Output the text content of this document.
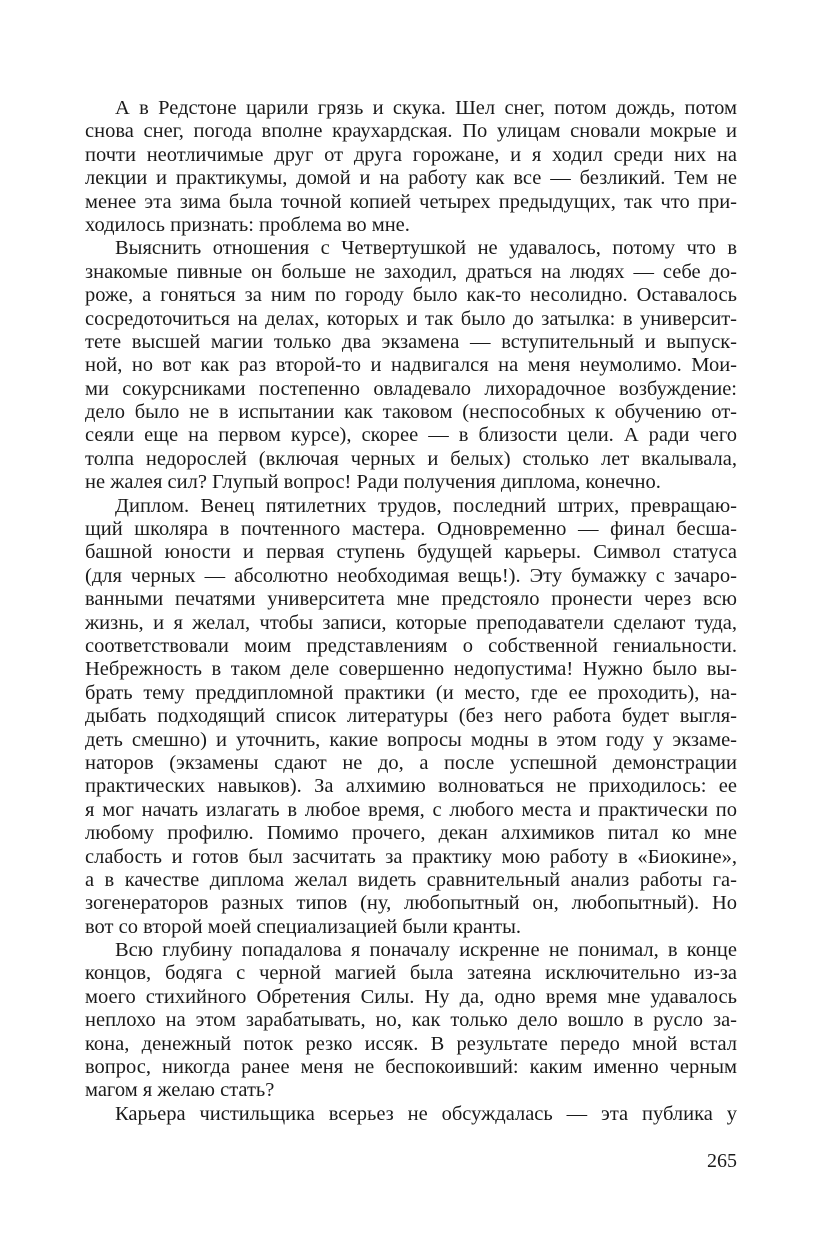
А в Редстоне царили грязь и скука. Шел снег, потом дождь, потом
снова снег, погода вполне краухардская. По улицам сновали мокрые и
почти неотличимые друг от друга горожане, и я ходил среди них на
лекции и практикумы, домой и на работу как все — безликий. Тем не
менее эта зима была точной копией четырех предыдущих, так что при-
ходилось признать: проблема во мне.
Выяснить отношения с Четвертушкой не удавалось, потому что в
знакомые пивные он больше не заходил, драться на людях — себе до-
роже, а гоняться за ним по городу было как-то несолидно. Оставалось
сосредоточиться на делах, которых и так было до затылка: в университ-
тете высшей магии только два экзамена — вступительный и выпуск-
ной, но вот как раз второй-то и надвигался на меня неумолимо. Мои-
ми сокурсниками постепенно овладевало лихорадочное возбуждение:
дело было не в испытании как таковом (неспособных к обучению от-
сеяли еще на первом курсе), скорее — в близости цели. А ради чего
толпа недорослей (включая черных и белых) столько лет вкалывала,
не жалея сил? Глупый вопрос! Ради получения диплома, конечно.
Диплом. Венец пятилетних трудов, последний штрих, превращаю-
щий школяра в почтенного мастера. Одновременно — финал бесша-
башной юности и первая ступень будущей карьеры. Символ статуса
(для черных — абсолютно необходимая вещь!). Эту бумажку с зачаро-
ванными печатями университета мне предстояло пронести через всю
жизнь, и я желал, чтобы записи, которые преподаватели сделают туда,
соответствовали моим представлениям о собственной гениальности.
Небрежность в таком деле совершенно недопустима! Нужно было вы-
брать тему преддипломной практики (и место, где ее проходить), на-
дыбать подходящий список литературы (без него работа будет выгля-
деть смешно) и уточнить, какие вопросы модны в этом году у экзаме-
наторов (экзамены сдают не до, а после успешной демонстрации
практических навыков). За алхимию волноваться не приходилось: ее
я мог начать излагать в любое время, с любого места и практически по
любому профилю. Помимо прочего, декан алхимиков питал ко мне
слабость и готов был засчитать за практику мою работу в «Биокине»,
а в качестве диплома желал видеть сравнительный анализ работы га-
зогенераторов разных типов (ну, любопытный он, любопытный). Но
вот со второй моей специализацией были кранты.
Всю глубину попадалова я поначалу искренне не понимал, в конце
концов, бодяга с черной магией была затеяна исключительно из-за
моего стихийного Обретения Силы. Ну да, одно время мне удавалось
неплохо на этом зарабатывать, но, как только дело вошло в русло за-
кона, денежный поток резко иссяк. В результате передо мной встал
вопрос, никогда ранее меня не беспокоивший: каким именно черным
магом я желаю стать?
Карьера чистильщика всерьез не обсуждалась — эта публика у
265
